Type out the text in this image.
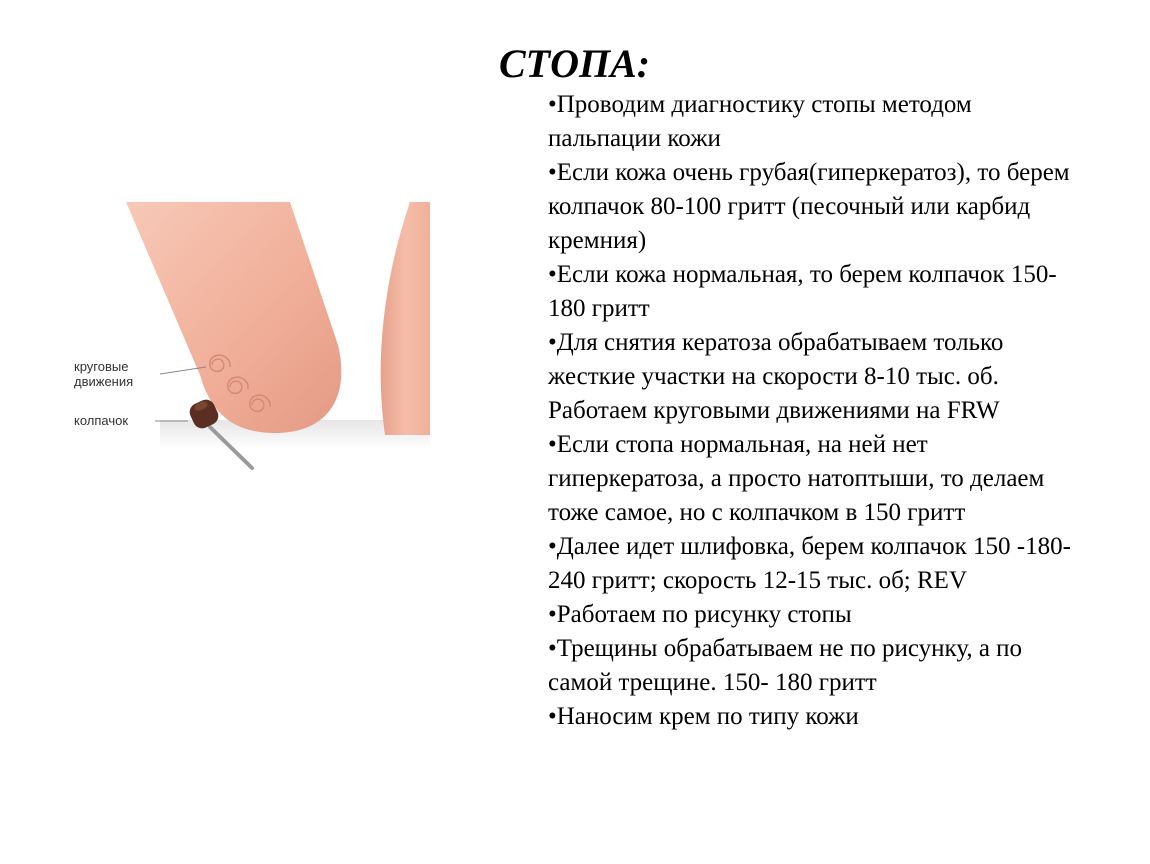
СТОПА:
•Проводим диагностику стопы методом пальпации кожи
•Если кожа очень грубая(гиперкератоз), то берем колпачок 80-100 гритт (песочный или карбид кремния)
•Если кожа нормальная, то берем колпачок 150- 180 гритт
•Для снятия кератоза обрабатываем только жесткие участки на скорости 8-10 тыс. об. Работаем круговыми движениями на FRW
•Если стопа нормальная, на ней нет гиперкератоза, а просто натоптыши, то делаем тоже самое, но с колпачком в 150 гритт
•Далее идет шлифовка, берем колпачок 150 -180-240 гритт; скорость 12-15 тыс. об; REV
•Работаем по рисунку стопы
•Трещины обрабатываем не по рисунку, а по самой трещине. 150- 180 гритт
•Наносим крем по типу кожи
круговые
движения
колпачок
